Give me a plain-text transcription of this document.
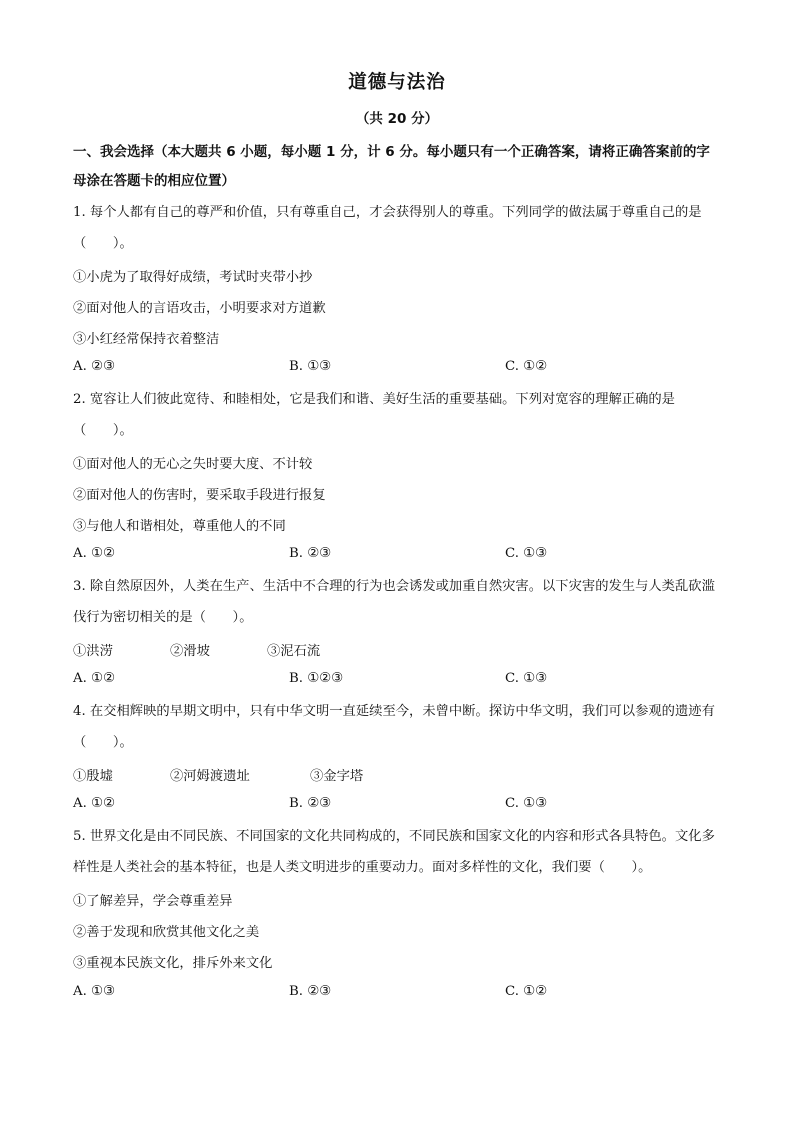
道德与法治
（共 20 分）
一、我会选择（本大题共 6 小题，每小题 1 分，计 6 分。每小题只有一个正确答案，请将正确答案前的字母涂在答题卡的相应位置）
1. 每个人都有自己的尊严和价值，只有尊重自己，才会获得别人的尊重。下列同学的做法属于尊重自己的是（　　）。
①小虎为了取得好成绩，考试时夹带小抄
②面对他人的言语攻击，小明要求对方道歉
③小红经常保持衣着整洁
A. ②③	B. ①③	C. ①②
2. 宽容让人们彼此宽待、和睦相处，它是我们和谐、美好生活的重要基础。下列对宽容的理解正确的是（　　）。
①面对他人的无心之失时要大度、不计较
②面对他人的伤害时，要采取手段进行报复
③与他人和谐相处，尊重他人的不同
A. ①②	B. ②③	C. ①③
3. 除自然原因外，人类在生产、生活中不合理的行为也会诱发或加重自然灾害。以下灾害的发生与人类乱砍滥伐行为密切相关的是（　　）。
①洪涝	②滑坡	③泥石流
A. ①②	B. ①②③	C. ①③
4. 在交相辉映的早期文明中，只有中华文明一直延续至今，未曾中断。探访中华文明，我们可以参观的遗迹有（　　）。
①殷墟	②河姆渡遗址	③金字塔
A. ①②	B. ②③	C. ①③
5. 世界文化是由不同民族、不同国家的文化共同构成的，不同民族和国家文化的内容和形式各具特色。文化多样性是人类社会的基本特征，也是人类文明进步的重要动力。面对多样性的文化，我们要（　　）。
①了解差异，学会尊重差异
②善于发现和欣赏其他文化之美
③重视本民族文化，排斥外来文化
A. ①③	B. ②③	C. ①②
